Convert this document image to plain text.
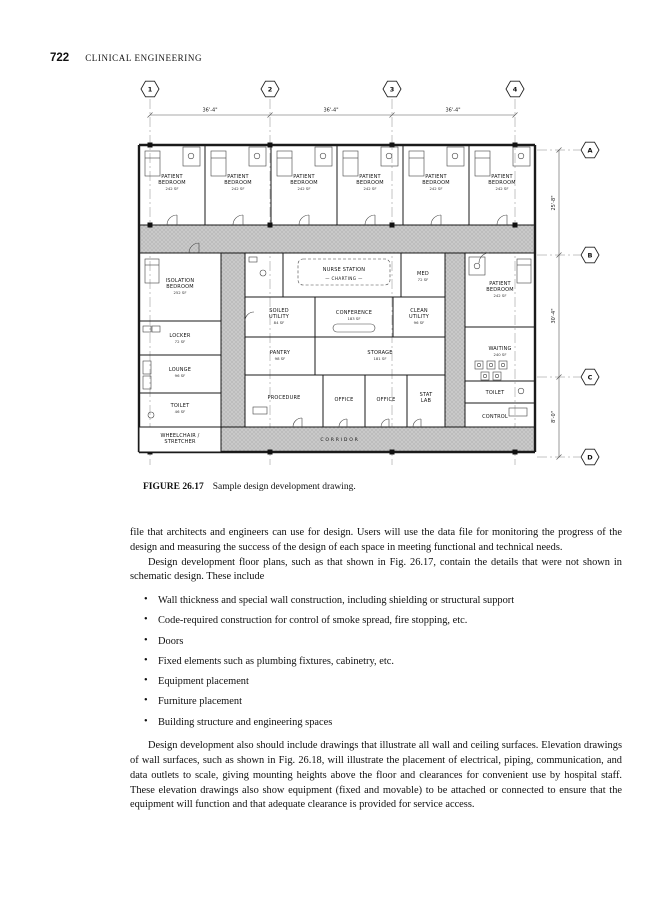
722 CLINICAL ENGINEERING
36'-4"	36'-4"	36'-4"
25'-8"
30'-4"
8'-0"
1	2	3	4
A
B
C
D
PATIENT
BEDROOM
242 SF
PATIENT
BEDROOM
242 SF
PATIENT
BEDROOM
242 SF
PATIENT
BEDROOM
242 SF
PATIENT
BEDROOM
242 SF
PATIENT
BEDROOM
242 SF
ISOLATION
BEDROOM
252 SF
LOCKER
72 SF
LOUNGE
96 SF
TOILET
46 SF
WHEELCHAIR /
STRETCHER
NURSE STATION
— CHARTING —
MED
72 SF
SOILED
UTILITY
84 SF
CONFERENCE
183 SF
CLEAN
UTILITY
96 SF
PANTRY
98 SF
STORAGE
181 SF
PROCEDURE	OFFICE	OFFICE
STAT
LAB
PATIENT
BEDROOM
242 SF
WAITING
240 SF
TOILET
CONTROL
CORRIDOR
FIGURE 26.17 Sample design development drawing.

file that architects and engineers can use for design. Users will use the data file for monitoring the progress of the design and measuring the success of the design of each space in meeting functional and technical needs.

Design development floor plans, such as that shown in Fig. 26.17, contain the details that were not shown in schematic design. These include

• Wall thickness and special wall construction, including shielding or structural support
• Code-required construction for control of smoke spread, fire stopping, etc.
• Doors
• Fixed elements such as plumbing fixtures, cabinetry, etc.
• Equipment placement
• Furniture placement
• Building structure and engineering spaces

Design development also should include drawings that illustrate all wall and ceiling surfaces. Elevation drawings of wall surfaces, such as shown in Fig. 26.18, will illustrate the placement of electrical, piping, communication, and data outlets to scale, giving mounting heights above the floor and clearances for convenient use by hospital staff. These elevation drawings also show equipment (fixed and movable) to be attached or connected to ensure that the equipment will function and that adequate clearance is provided for service access.
